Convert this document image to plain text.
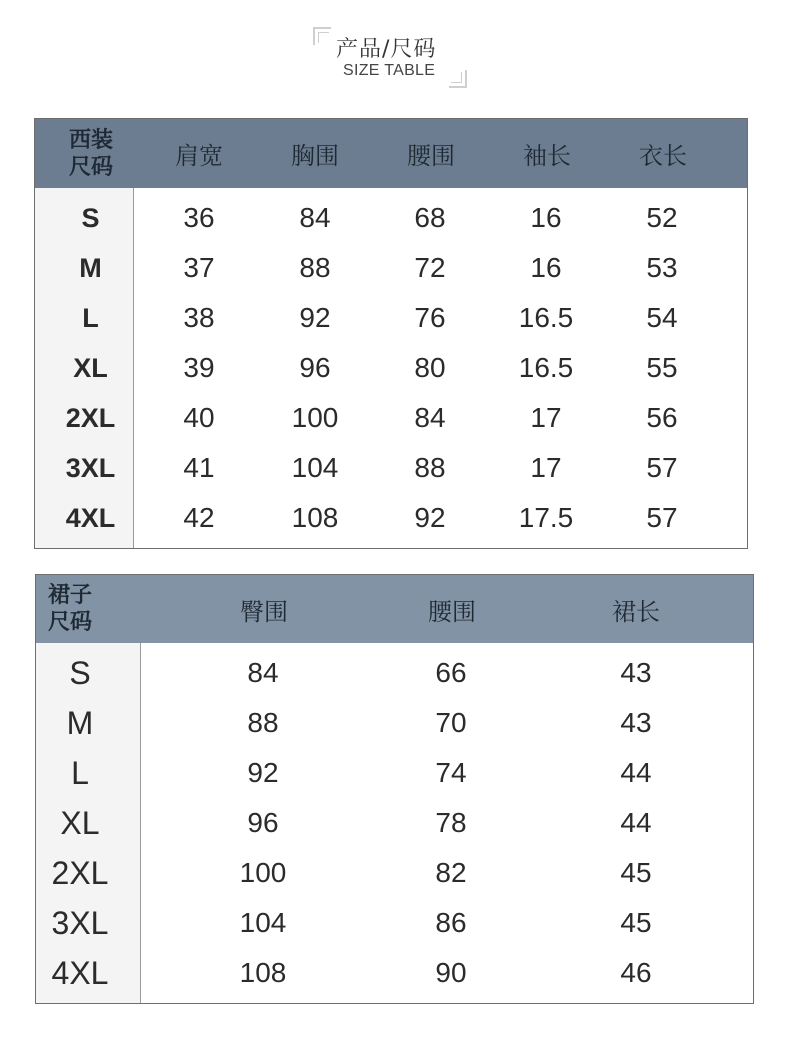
产品/尺码
SIZE TABLE
西装
尺码	肩宽	胸围	腰围	袖长	衣长
S	36	84	68	16	52
M	37	88	72	16	53
L	38	92	76	16.5	54
XL	39	96	80	16.5	55
2XL	40	100	84	17	56
3XL	41	104	88	17	57
4XL	42	108	92	17.5	57
裙子
尺码	臀围	腰围	裙长
S	84	66	43
M	88	70	43
L	92	74	44
XL	96	78	44
2XL	100	82	45
3XL	104	86	45
4XL	108	90	46
